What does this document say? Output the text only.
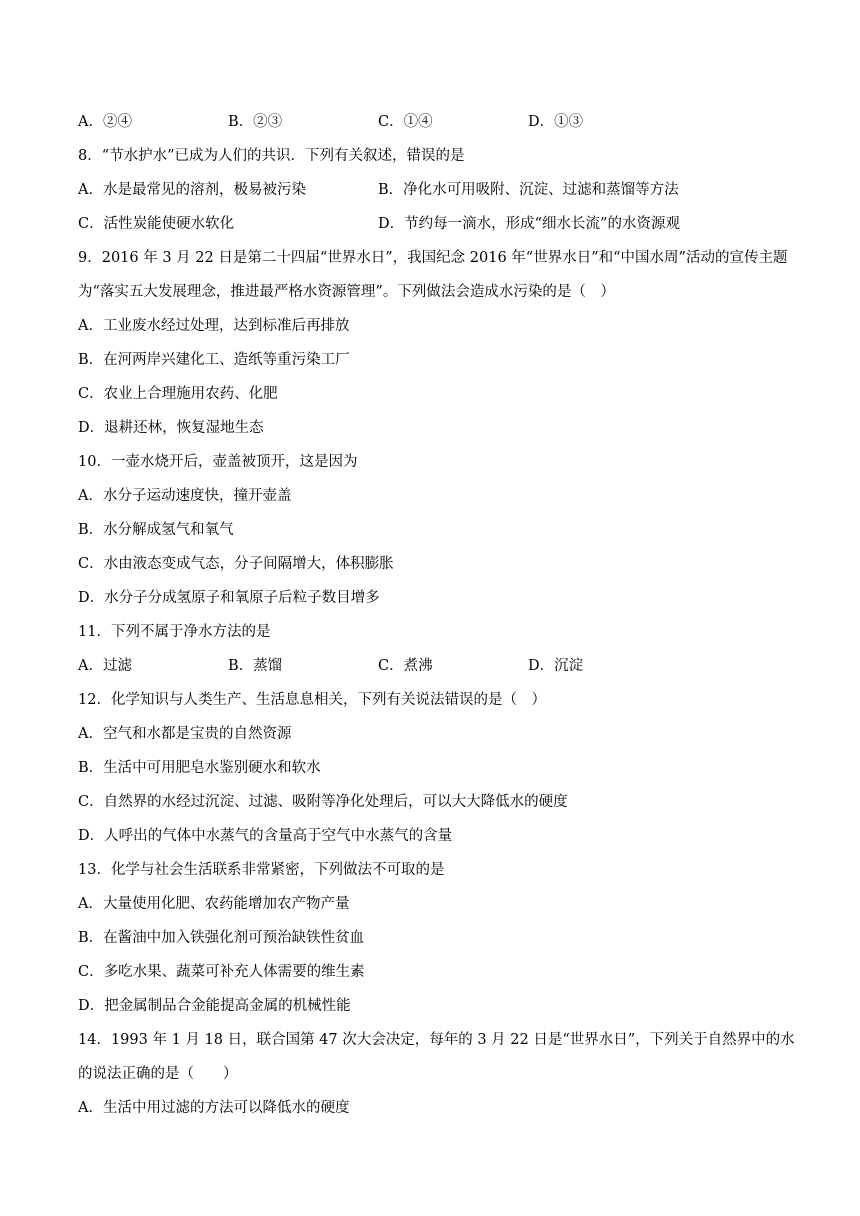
A．②④	B．②③	C．①④	D．①③
8．“节水护水”已成为人们的共识．下列有关叙述，错误的是
A．水是最常见的溶剂，极易被污染	B．净化水可用吸附、沉淀、过滤和蒸馏等方法
C．活性炭能使硬水软化	D．节约每一滴水，形成“细水长流”的水资源观
9．2016 年 3 月 22 日是第二十四届“世界水日”，我国纪念 2016 年“世界水日”和“中国水周”活动的宣传主题
为“落实五大发展理念，推进最严格水资源管理”。下列做法会造成水污染的是（　）
A．工业废水经过处理，达到标准后再排放
B．在河两岸兴建化工、造纸等重污染工厂
C．农业上合理施用农药、化肥
D．退耕还林，恢复湿地生态
10．一壶水烧开后，壶盖被顶开，这是因为
A．水分子运动速度快，撞开壶盖
B．水分解成氢气和氧气
C．水由液态变成气态，分子间隔增大，体积膨胀
D．水分子分成氢原子和氧原子后粒子数目增多
11．下列不属于净水方法的是
A．过滤	B．蒸馏	C．煮沸	D．沉淀
12．化学知识与人类生产、生活息息相关，下列有关说法错误的是（　）
A．空气和水都是宝贵的自然资源
B．生活中可用肥皂水鉴别硬水和软水
C．自然界的水经过沉淀、过滤、吸附等净化处理后，可以大大降低水的硬度
D．人呼出的气体中水蒸气的含量高于空气中水蒸气的含量
13．化学与社会生活联系非常紧密，下列做法不可取的是
A．大量使用化肥、农药能增加农产物产量
B．在酱油中加入铁强化剂可预治缺铁性贫血
C．多吃水果、蔬菜可补充人体需要的维生素
D．把金属制品合金能提高金属的机械性能
14．1993 年 1 月 18 日，联合国第 47 次大会决定，每年的 3 月 22 日是“世界水日”，下列关于自然界中的水
的说法正确的是（　　）
A．生活中用过滤的方法可以降低水的硬度
